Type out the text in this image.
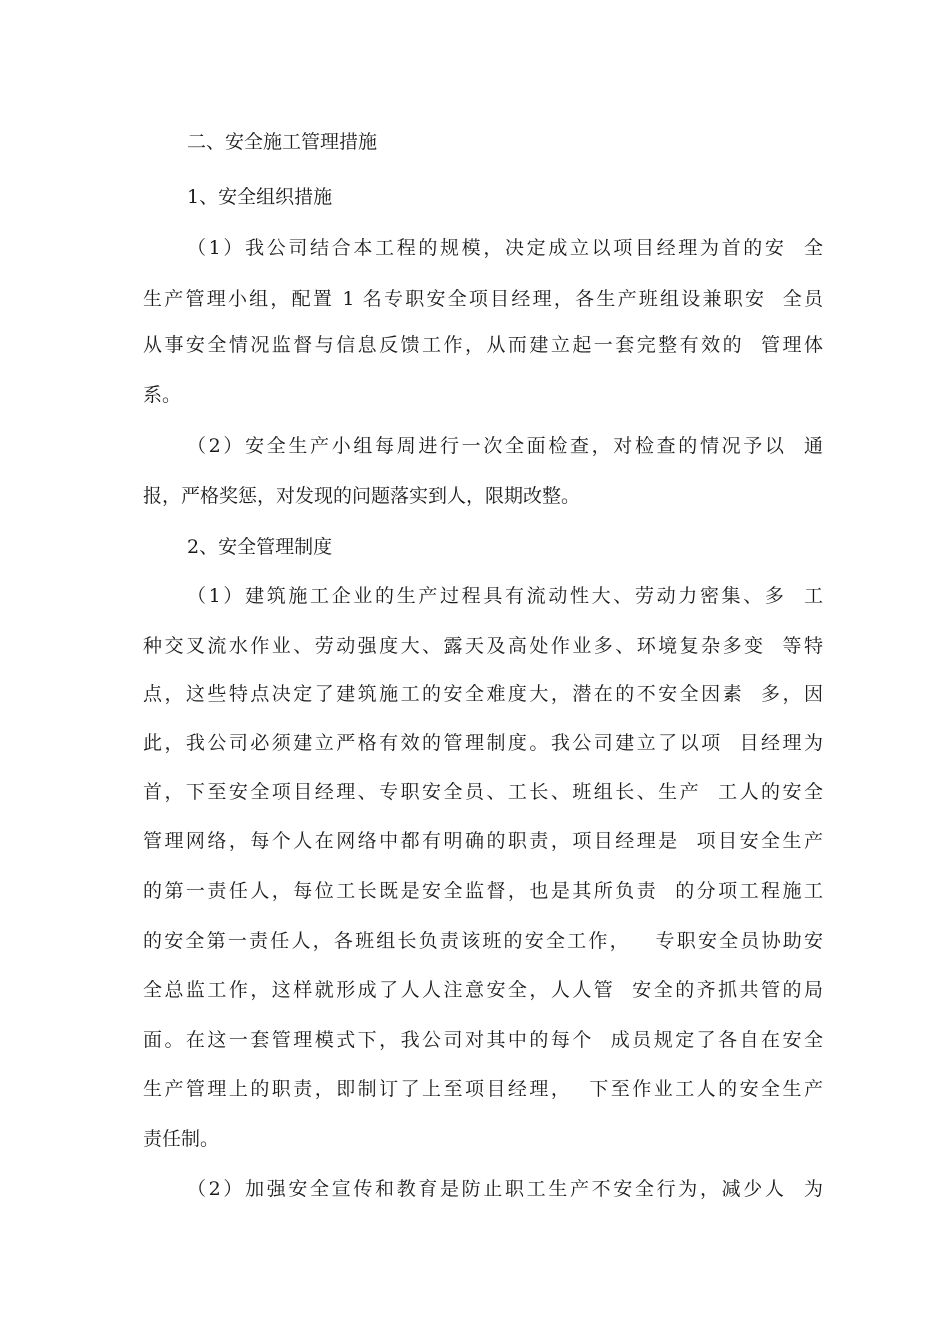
二、安全施工管理措施
1、安全组织措施
（1）我公司结合本工程的规模，决定成立以项目经理为首的安  全
生产管理小组，配置 1 名专职安全项目经理，各生产班组设兼职安  全员
从事安全情况监督与信息反馈工作，从而建立起一套完整有效的  管理体
系。
（2）安全生产小组每周进行一次全面检查，对检查的情况予以  通
报，严格奖惩，对发现的问题落实到人，限期改整。
2、安全管理制度
（1）建筑施工企业的生产过程具有流动性大、劳动力密集、多  工
种交叉流水作业、劳动强度大、露天及高处作业多、环境复杂多变  等特
点，这些特点决定了建筑施工的安全难度大，潜在的不安全因素  多，因
此，我公司必须建立严格有效的管理制度。我公司建立了以项  目经理为
首，下至安全项目经理、专职安全员、工长、班组长、生产  工人的安全
管理网络，每个人在网络中都有明确的职责，项目经理是  项目安全生产
的第一责任人，每位工长既是安全监督，也是其所负责  的分项工程施工
的安全第一责任人，各班组长负责该班的安全工作，   专职安全员协助安
全总监工作，这样就形成了人人注意安全，人人管  安全的齐抓共管的局
面。在这一套管理模式下，我公司对其中的每个  成员规定了各自在安全
生产管理上的职责，即制订了上至项目经理，  下至作业工人的安全生产
责任制。
（2）加强安全宣传和教育是防止职工生产不安全行为，减少人  为
